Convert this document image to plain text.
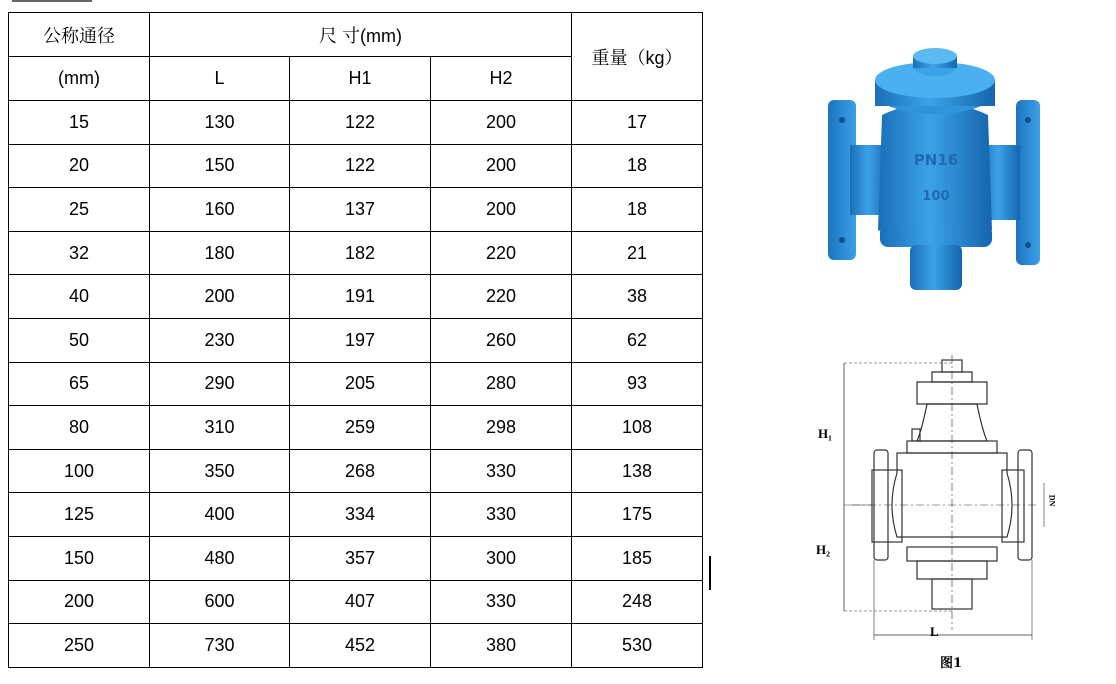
公称通径	尺 寸(mm)			重量（kg）
(mm)	L	H1	H2	
15	130	122	200	17
20	150	122	200	18
25	160	137	200	18
32	180	182	220	21
40	200	191	220	38
50	230	197	260	62
65	290	205	280	93
80	310	259	298	108
100	350	268	330	138
125	400	334	330	175
150	480	357	300	185
200	600	407	330	248
250	730	452	380	530
PN16
100
H₁
H₂
L
DN
图1
